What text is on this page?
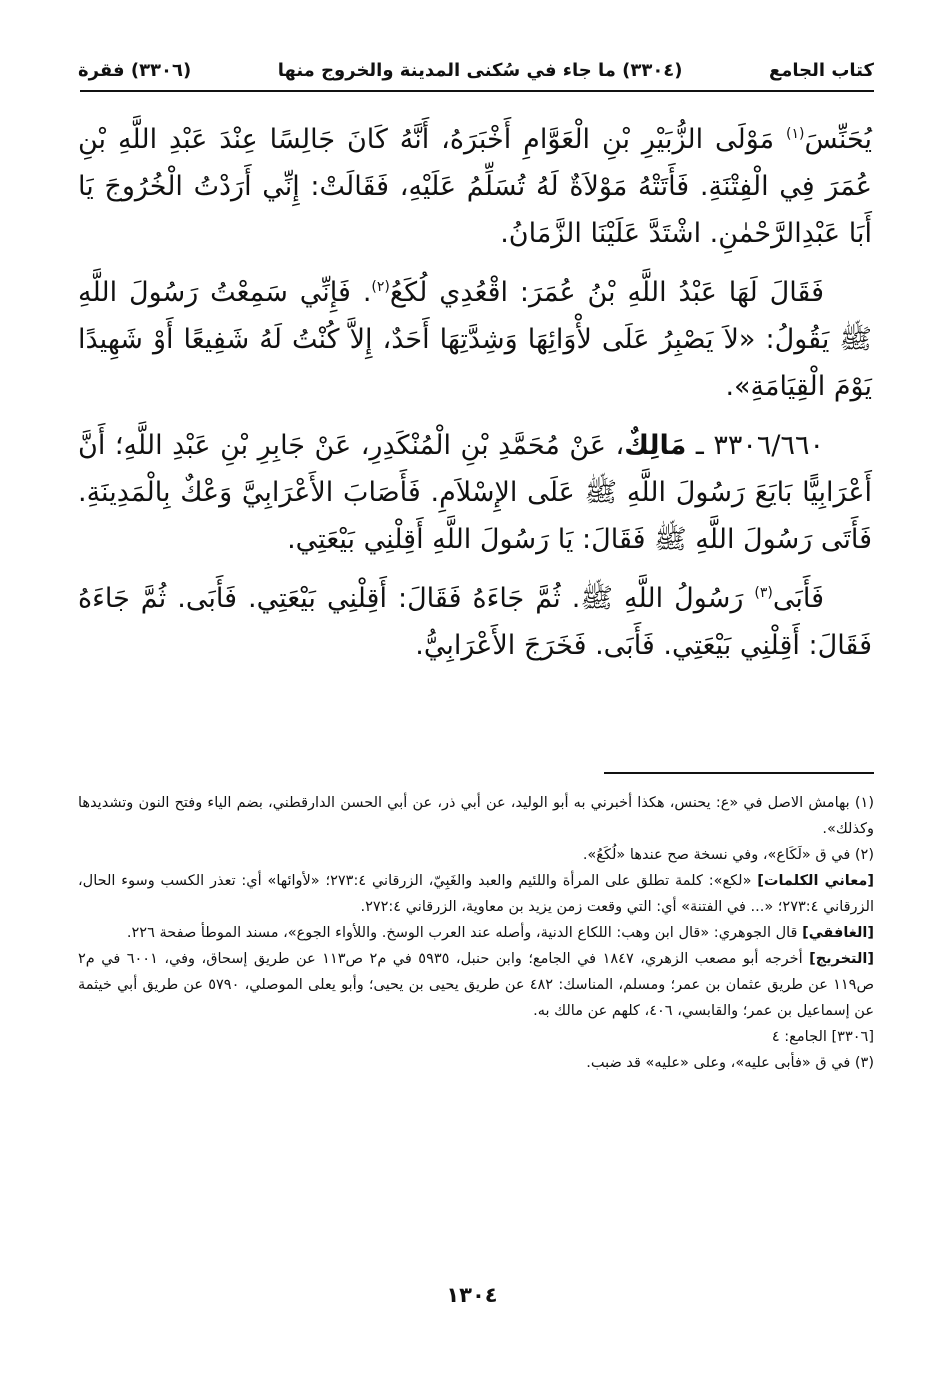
كتاب الجامع
(٣٣٠٤) ما جاء في سُكنى المدينة والخروج منها
(٣٣٠٦) فقرة

يُحَنِّسَ$^{(١)}$ مَوْلَى الزُّبَيْرِ بْنِ الْعَوَّامِ أَخْبَرَهُ، أَنَّهُ كَانَ جَالِسًا عِنْدَ عَبْدِ اللَّهِ بْنِ عُمَرَ فِي الْفِتْنَةِ. فَأَتَتْهُ مَوْلاَةٌ لَهُ تُسَلِّمُ عَلَيْهِ، فَقَالَتْ: إِنِّي أَرَدْتُ الْخُرُوجَ يَا أَبَا عَبْدِالرَّحْمٰنِ. اشْتَدَّ عَلَيْنَا الزَّمَانُ.

فَقَالَ لَهَا عَبْدُ اللَّهِ بْنُ عُمَرَ: اقْعُدِي لُكَعُ$^{(٢)}$. فَإِنِّي سَمِعْتُ رَسُولَ اللَّهِ ﷺ يَقُولُ: «لاَ يَصْبِرُ عَلَى لأْوَائِهَا وَشِدَّتِهَا أَحَدٌ، إِلاَّ كُنْتُ لَهُ شَفِيعًا أَوْ شَهِيدًا يَوْمَ الْقِيَامَةِ».

٣٣٠٦/٦٦٠ ـ مَالِكٌ، عَنْ مُحَمَّدِ بْنِ الْمُنْكَدِرِ، عَنْ جَابِرِ بْنِ عَبْدِ اللَّهِ؛ أَنَّ أَعْرَابِيًّا بَايَعَ رَسُولَ اللَّهِ ﷺ عَلَى الإِسْلاَمِ. فَأَصَابَ الأَعْرَابِيَّ وَعْكٌ بِالْمَدِينَةِ. فَأَتَى رَسُولَ اللَّهِ ﷺ فَقَالَ: يَا رَسُولَ اللَّهِ أَقِلْنِي بَيْعَتِي.

فَأَبَى$^{(٣)}$ رَسُولُ اللَّهِ ﷺ. ثُمَّ جَاءَهُ فَقَالَ: أَقِلْنِي بَيْعَتِي. فَأَبَى. ثُمَّ جَاءَهُ فَقَالَ: أَقِلْنِي بَيْعَتِي. فَأَبَى. فَخَرَجَ الأَعْرَابِيُّ.

(١) بهامش الاصل في «ع: يحنس، هكذا أخبرني به أبو الوليد، عن أبي ذر، عن أبي الحسن الدارقطني، بضم الياء وفتح النون وتشديدها وكذلك».

(٢) في ق «لَكَاع»، وفي نسخة صح عندها «لُكَعُ».

[معاني الكلمات] «لكع»: كلمة تطلق على المرأة واللئيم والعبد والغَبِيّ، الزرقاني ٢٧٣:٤؛ «لأوائها» أي: تعذر الكسب وسوء الحال، الزرقاني ٢٧٣:٤؛ «... في الفتنة» أي: التي وقعت زمن يزيد بن معاوية، الزرقاني ٢٧٢:٤.

[الغافقي] قال الجوهري: «قال ابن وهب: اللكاع الدنية، وأصله عند العرب الوسخ. واللأواء الجوع»، مسند الموطأ صفحة ٢٢٦.

[التخريج] أخرجه أبو مصعب الزهري، ١٨٤٧ في الجامع؛ وابن حنبل، ٥٩٣٥ في م٢ ص١١٣ عن طريق إسحاق، وفي، ٦٠٠١ في م٢ ص١١٩ عن طريق عثمان بن عمر؛ ومسلم، المناسك: ٤٨٢ عن طريق يحيى بن يحيى؛ وأبو يعلى الموصلي، ٥٧٩٠ عن طريق أبي خيثمة عن إسماعيل بن عمر؛ والقابسي، ٤٠٦، كلهم عن مالك به.

[٣٣٠٦] الجامع: ٤

(٣) في ق «فأبى عليه»، وعلى «عليه» قد ضبب.

١٣٠٤
